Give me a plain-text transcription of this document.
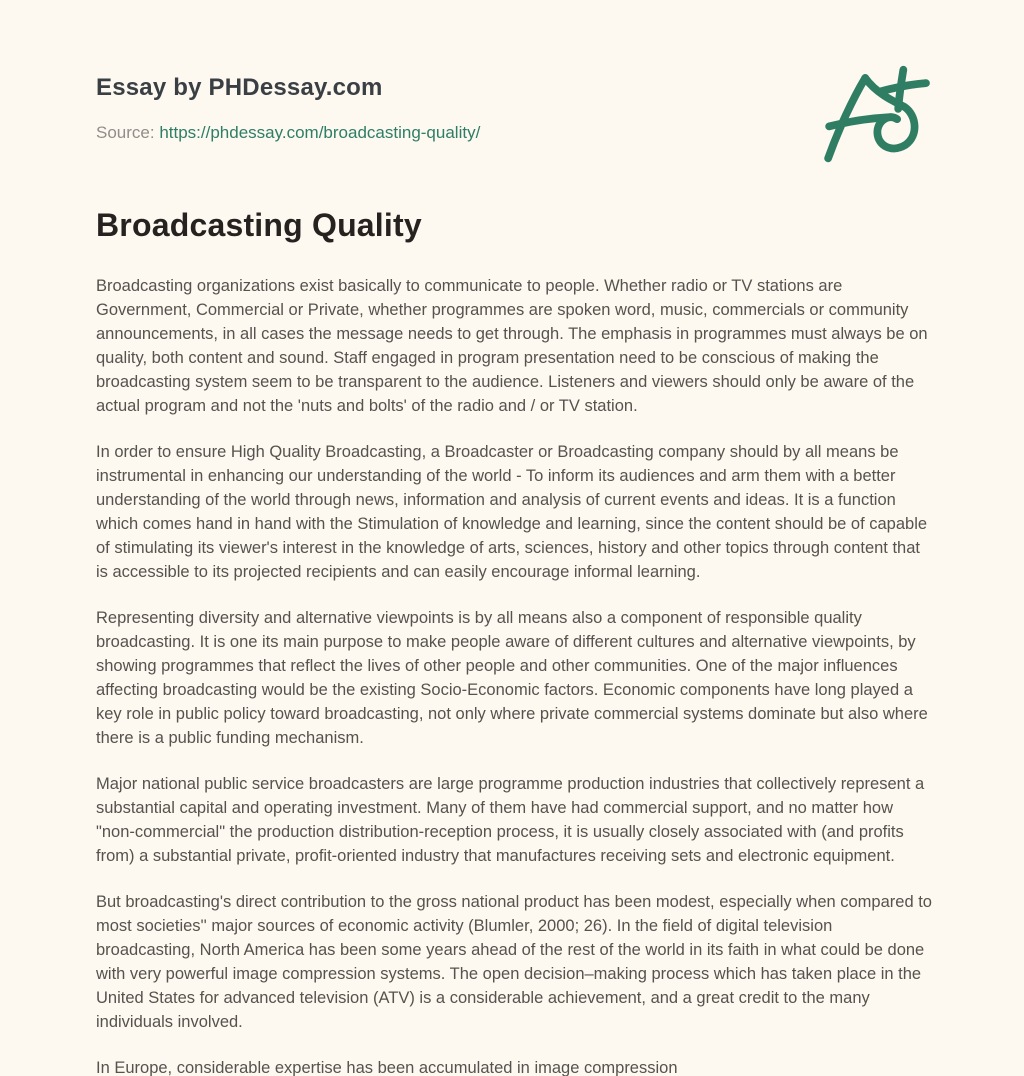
Essay by PHDessay.com
Source: https://phdessay.com/broadcasting-quality/
Broadcasting Quality

Broadcasting organizations exist basically to communicate to people. Whether radio or TV stations are Government, Commercial or Private, whether programmes are spoken word, music, commercials or community announcements, in all cases the message needs to get through. The emphasis in programmes must always be on quality, both content and sound. Staff engaged in program presentation need to be conscious of making the broadcasting system seem to be transparent to the audience. Listeners and viewers should only be aware of the actual program and not the 'nuts and bolts' of the radio and / or TV station.

In order to ensure High Quality Broadcasting, a Broadcaster or Broadcasting company should by all means be instrumental in enhancing our understanding of the world - To inform its audiences and arm them with a better understanding of the world through news, information and analysis of current events and ideas. It is a function which comes hand in hand with the Stimulation of knowledge and learning, since the content should be of capable of stimulating its viewer's interest in the knowledge of arts, sciences, history and other topics through content that is accessible to its projected recipients and can easily encourage informal learning.

Representing diversity and alternative viewpoints is by all means also a component of responsible quality broadcasting. It is one its main purpose to make people aware of different cultures and alternative viewpoints, by showing programmes that reflect the lives of other people and other communities. One of the major influences affecting broadcasting would be the existing Socio-Economic factors. Economic components have long played a key role in public policy toward broadcasting, not only where private commercial systems dominate but also where there is a public funding mechanism.

Major national public service broadcasters are large programme production industries that collectively represent a substantial capital and operating investment. Many of them have had commercial support, and no matter how "non-commercial" the production distribution-reception process, it is usually closely associated with (and profits from) a substantial private, profit-oriented industry that manufactures receiving sets and electronic equipment.

But broadcasting's direct contribution to the gross national product has been modest, especially when compared to most societies'' major sources of economic activity (Blumler, 2000; 26). In the field of digital television broadcasting, North America has been some years ahead of the rest of the world in its faith in what could be done with very powerful image compression systems. The open decision–making process which has taken place in the United States for advanced television (ATV) is a considerable achievement, and a great credit to the many individuals involved.

In Europe, considerable expertise has been accumulated in image compression
